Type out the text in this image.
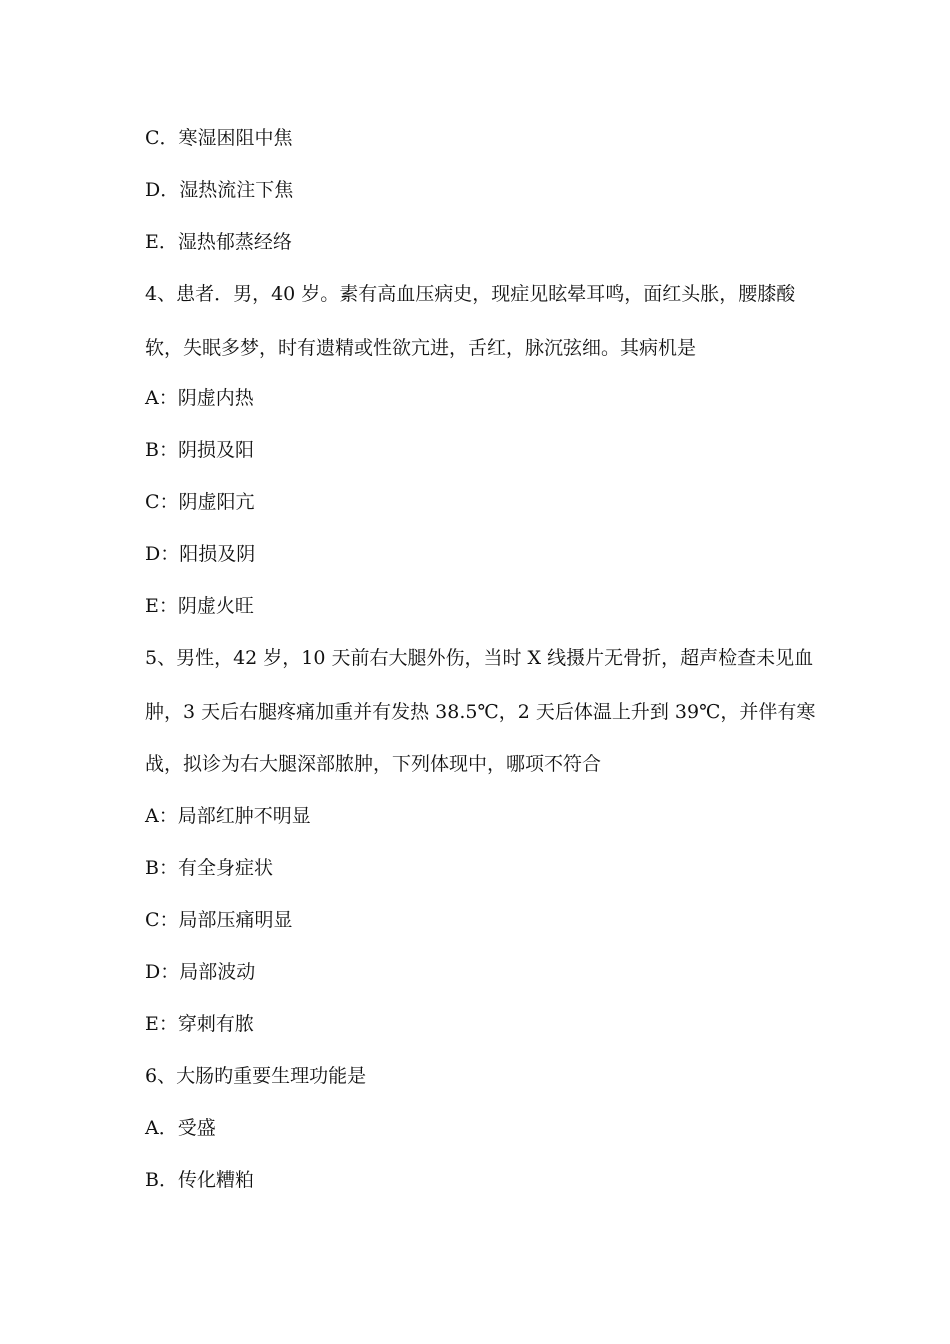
C．寒湿困阻中焦
D．湿热流注下焦
E．湿热郁蒸经络
4、患者．男，40 岁。素有高血压病史，现症见眩晕耳鸣，面红头胀，腰膝酸
软，失眠多梦，时有遗精或性欲亢进，舌红，脉沉弦细。其病机是
A：阴虚内热
B：阴损及阳
C：阴虚阳亢
D：阳损及阴
E：阴虚火旺
5、男性，42 岁，10 天前右大腿外伤，当时 X 线摄片无骨折，超声检查未见血
肿，3 天后右腿疼痛加重并有发热 38.5℃，2 天后体温上升到 39℃，并伴有寒
战，拟诊为右大腿深部脓肿，下列体现中，哪项不符合
A：局部红肿不明显
B：有全身症状
C：局部压痛明显
D：局部波动
E：穿刺有脓
6、大肠旳重要生理功能是
A．受盛
B．传化糟粕
